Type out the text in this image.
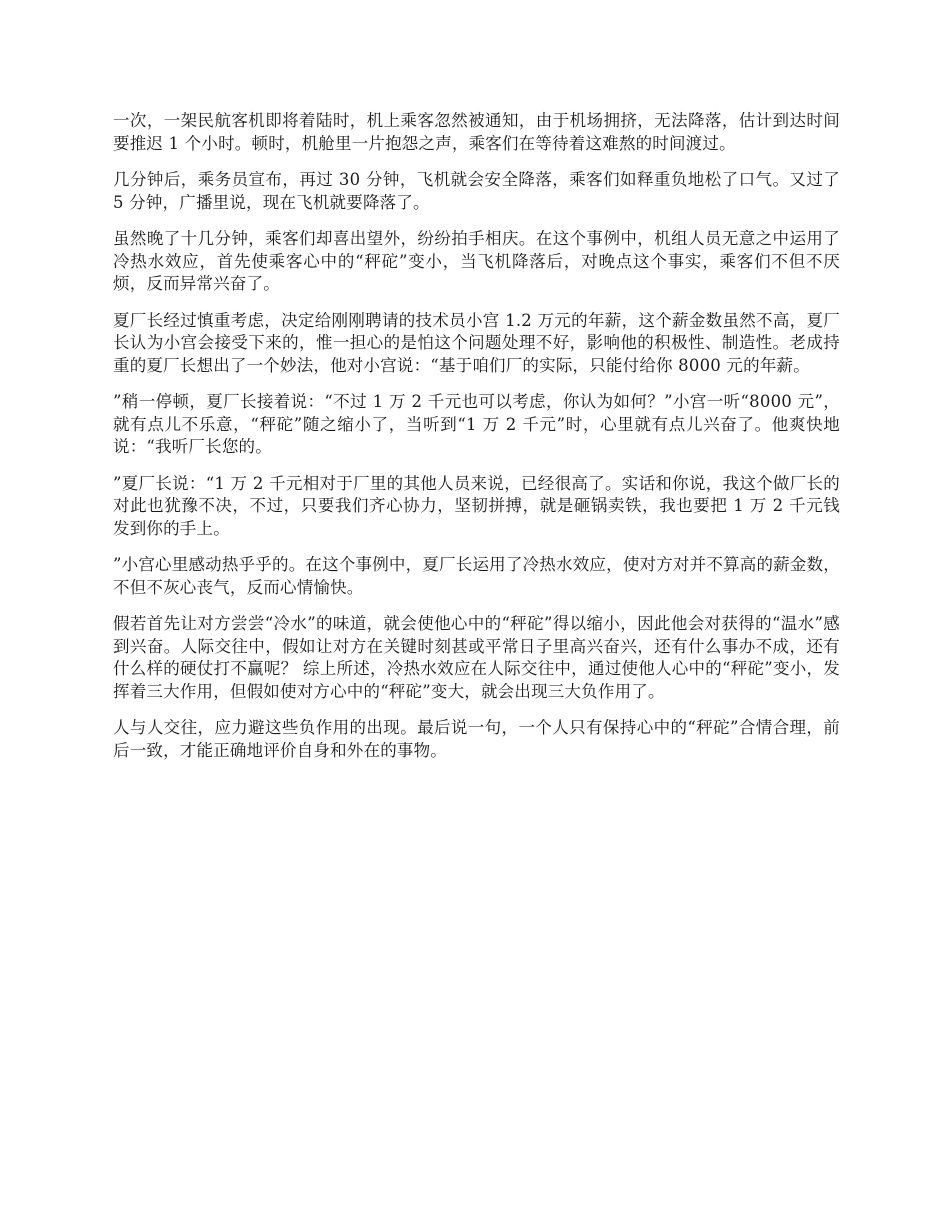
一次，一架民航客机即将着陆时，机上乘客忽然被通知，由于机场拥挤，无法降落，估计到达时间要推迟 1 个小时。顿时，机舱里一片抱怨之声，乘客们在等待着这难熬的时间渡过。

几分钟后，乘务员宣布，再过 30 分钟，飞机就会安全降落，乘客们如释重负地松了口气。又过了 5 分钟，广播里说，现在飞机就要降落了。

虽然晚了十几分钟，乘客们却喜出望外，纷纷拍手相庆。在这个事例中，机组人员无意之中运用了冷热水效应，首先使乘客心中的“秤砣”变小，当飞机降落后，对晚点这个事实，乘客们不但不厌烦，反而异常兴奋了。

夏厂长经过慎重考虑，决定给刚刚聘请的技术员小宫 1.2 万元的年薪，这个薪金数虽然不高，夏厂长认为小宫会接受下来的，惟一担心的是怕这个问题处理不好，影响他的积极性、制造性。老成持重的夏厂长想出了一个妙法，他对小宫说：“基于咱们厂的实际，只能付给你 8000 元的年薪。

”稍一停顿，夏厂长接着说：“不过 1 万 2 千元也可以考虑，你认为如何？”小宫一听“8000 元”，就有点儿不乐意，“秤砣”随之缩小了，当听到“1 万 2 千元”时，心里就有点儿兴奋了。他爽快地说：“我听厂长您的。

”夏厂长说：“1 万 2 千元相对于厂里的其他人员来说，已经很高了。实话和你说，我这个做厂长的对此也犹豫不决，不过，只要我们齐心协力，坚韧拼搏，就是砸锅卖铁，我也要把 1 万 2 千元钱发到你的手上。

”小宫心里感动热乎乎的。在这个事例中，夏厂长运用了冷热水效应，使对方对并不算高的薪金数，不但不灰心丧气，反而心情愉快。

假若首先让对方尝尝“冷水”的味道，就会使他心中的“秤砣”得以缩小，因此他会对获得的“温水”感到兴奋。人际交往中，假如让对方在关键时刻甚或平常日子里高兴奋兴，还有什么事办不成，还有什么样的硬仗打不赢呢？ 综上所述，冷热水效应在人际交往中，通过使他人心中的“秤砣”变小，发挥着三大作用，但假如使对方心中的“秤砣”变大，就会出现三大负作用了。

人与人交往，应力避这些负作用的出现。最后说一句，一个人只有保持心中的“秤砣”合情合理，前后一致，才能正确地评价自身和外在的事物。
